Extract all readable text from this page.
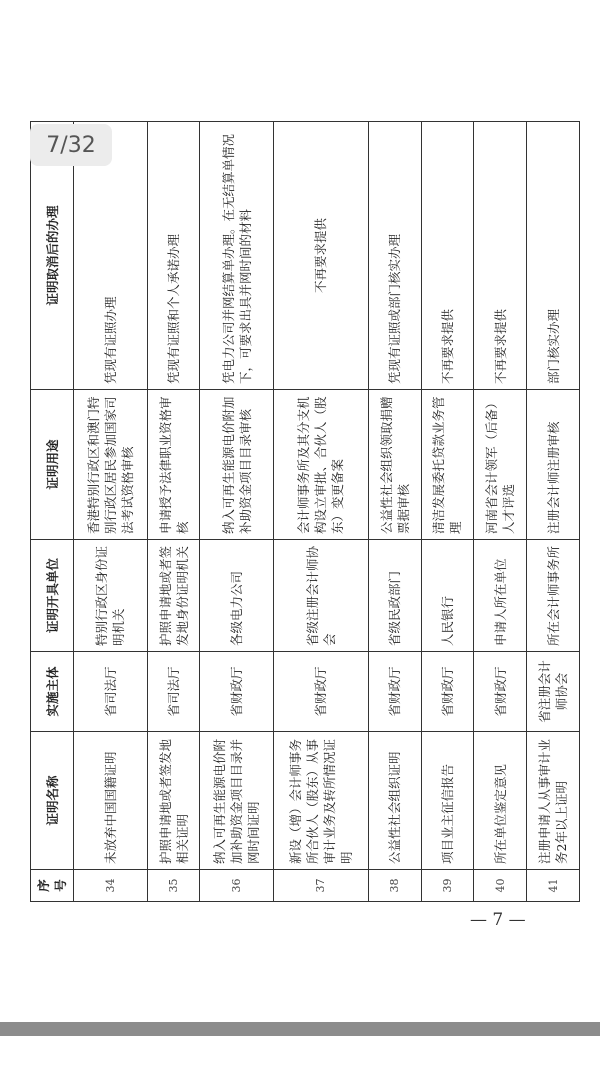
序号	证明名称	实施主体	证明开具单位	证明用途	证明取消后的办理
34	未放弃中国国籍证明	省司法厅	特别行政区身份证明机关	香港特别行政区和澳门特别行政区居民参加国家司法考试资格审核	凭现有证照办理
35	护照申请地或者签发地相关证明	省司法厅	护照申请地或者签发地身份证明机关	申请授予法律职业资格审核	凭现有证照和个人承诺办理
36	纳入可再生能源电价附加补助资金项目目录并网时间证明	省财政厅	各级电力公司	纳入可再生能源电价附加补助资金项目目录审核	凭电力公司并网结算单办理。在无结算单情况下，可要求出具并网时间的材料
37	新设（增）会计师事务所合伙人（股东）从事审计业务及转所情况证明	省财政厅	省级注册会计师协会	会计师事务所及其分支机构设立审批、合伙人（股东）变更备案	不再要求提供
38	公益性社会组织证明	省财政厅	省级民政部门	公益性社会组织领取捐赠票据审核	凭现有证照或部门核实办理
39	项目业主征信报告	省财政厅	人民银行	清洁发展委托贷款业务管理	不再要求提供
40	所在单位鉴定意见	省财政厅	申请人所在单位	河南省会计领军（后备）人才评选	不再要求提供
41	注册申请人从事审计业务2年以上证明	省注册会计师协会	所在会计师事务所	注册会计师注册审核	部门核实办理
7/32
— 7 —
